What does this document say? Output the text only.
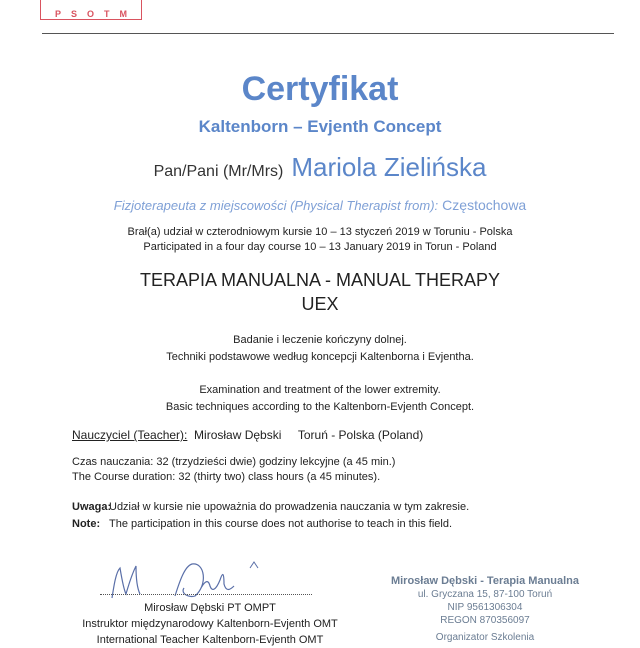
PSOTM
Certyfikat
Kaltenborn – Evjenth Concept
Pan/Pani (Mr/Mrs) Mariola Zielińska
Fizjoterapeuta z miejscowości (Physical Therapist from): Częstochowa
Brał(a) udział w czterodniowym kursie 10 – 13 styczeń 2019 w Toruniu - Polska
Participated in a four day course 10 – 13 January 2019 in Torun - Poland
TERAPIA MANUALNA - MANUAL THERAPY
UEX
Badanie i leczenie kończyny dolnej.
Techniki podstawowe według koncepcji Kaltenborna i Evjentha.
Examination and treatment of the lower extremity.
Basic techniques according to the Kaltenborn-Evjenth Concept.
Nauczyciel (Teacher): Mirosław Dębski Toruń - Polska (Poland)
Czas nauczania: 32 (trzydzieści dwie) godziny lekcyjne (a 45 min.)
The Course duration: 32 (thirty two) class hours (a 45 minutes).
Uwaga:Udział w kursie nie upoważnia do prowadzenia nauczania w tym zakresie.
Note: The participation in this course does not authorise to teach in this field.
Mirosław Dębski PT OMPT
Instruktor międzynarodowy Kaltenborn-Evjenth OMT
International Teacher Kaltenborn-Evjenth OMT
Mirosław Dębski - Terapia Manualna
ul. Gryczana 15, 87-100 Toruń
NIP 9561306304
REGON 870356097
Organizator Szkolenia
